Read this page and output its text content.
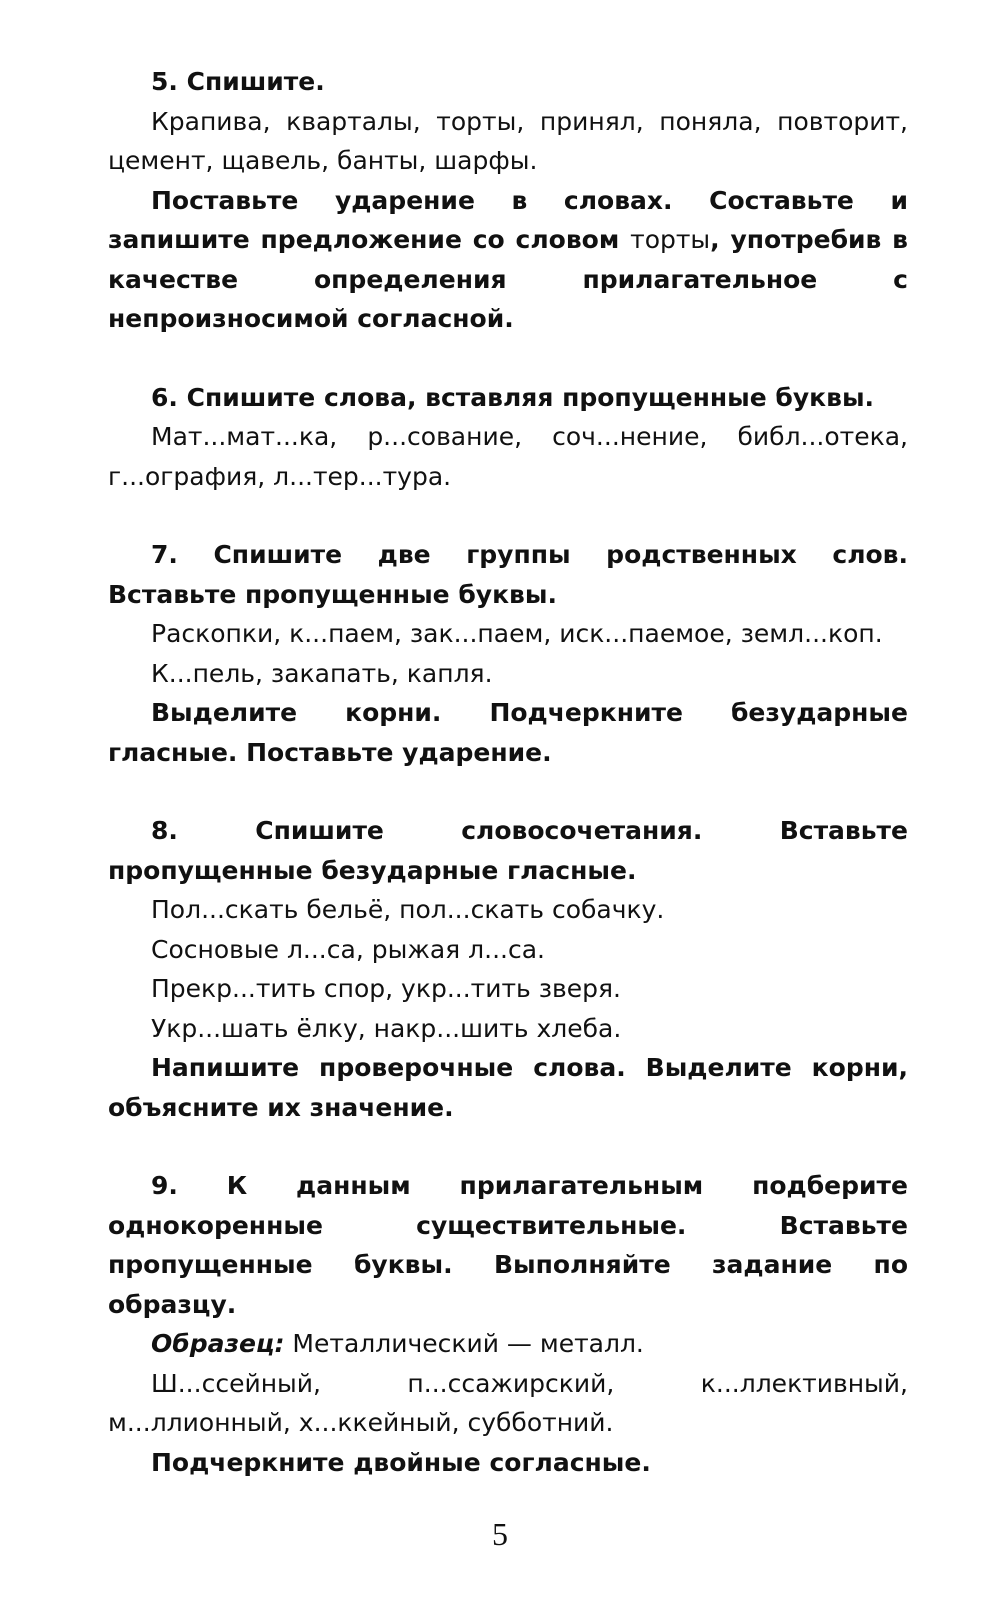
5. Спишите.

Крапива, кварталы, торты, принял, поняла, повторит, цемент, щавель, банты, шарфы.

Поставьте ударение в словах. Составьте и запишите предложение со словом торты, употребив в качестве определения прилагательное с непроизносимой согласной.

6. Спишите слова, вставляя пропущенные буквы.

Мат...мат...ка, р...сование, соч...нение, библ...отека, г...ография, л...тер...тура.

7. Спишите две группы родственных слов. Вставьте пропущенные буквы.

Раскопки, к...паем, зак...паем, иск...паемое, земл...коп.

К...пель, закапать, капля.

Выделите корни. Подчеркните безударные гласные. Поставьте ударение.

8. Спишите словосочетания. Вставьте пропущенные безударные гласные.

Пол...скать бельё, пол...скать собачку.

Сосновые л...са, рыжая л...са.

Прекр...тить спор, укр...тить зверя.

Укр...шать ёлку, накр...шить хлеба.

Напишите проверочные слова. Выделите корни, объясните их значение.

9. К данным прилагательным подберите однокоренные существительные. Вставьте пропущенные буквы. Выполняйте задание по образцу.

Образец: Металлический — металл.

Ш...ссейный, п...ссажирский, к...ллективный, м...ллионный, х...ккейный, субботний.

Подчеркните двойные согласные.

5
